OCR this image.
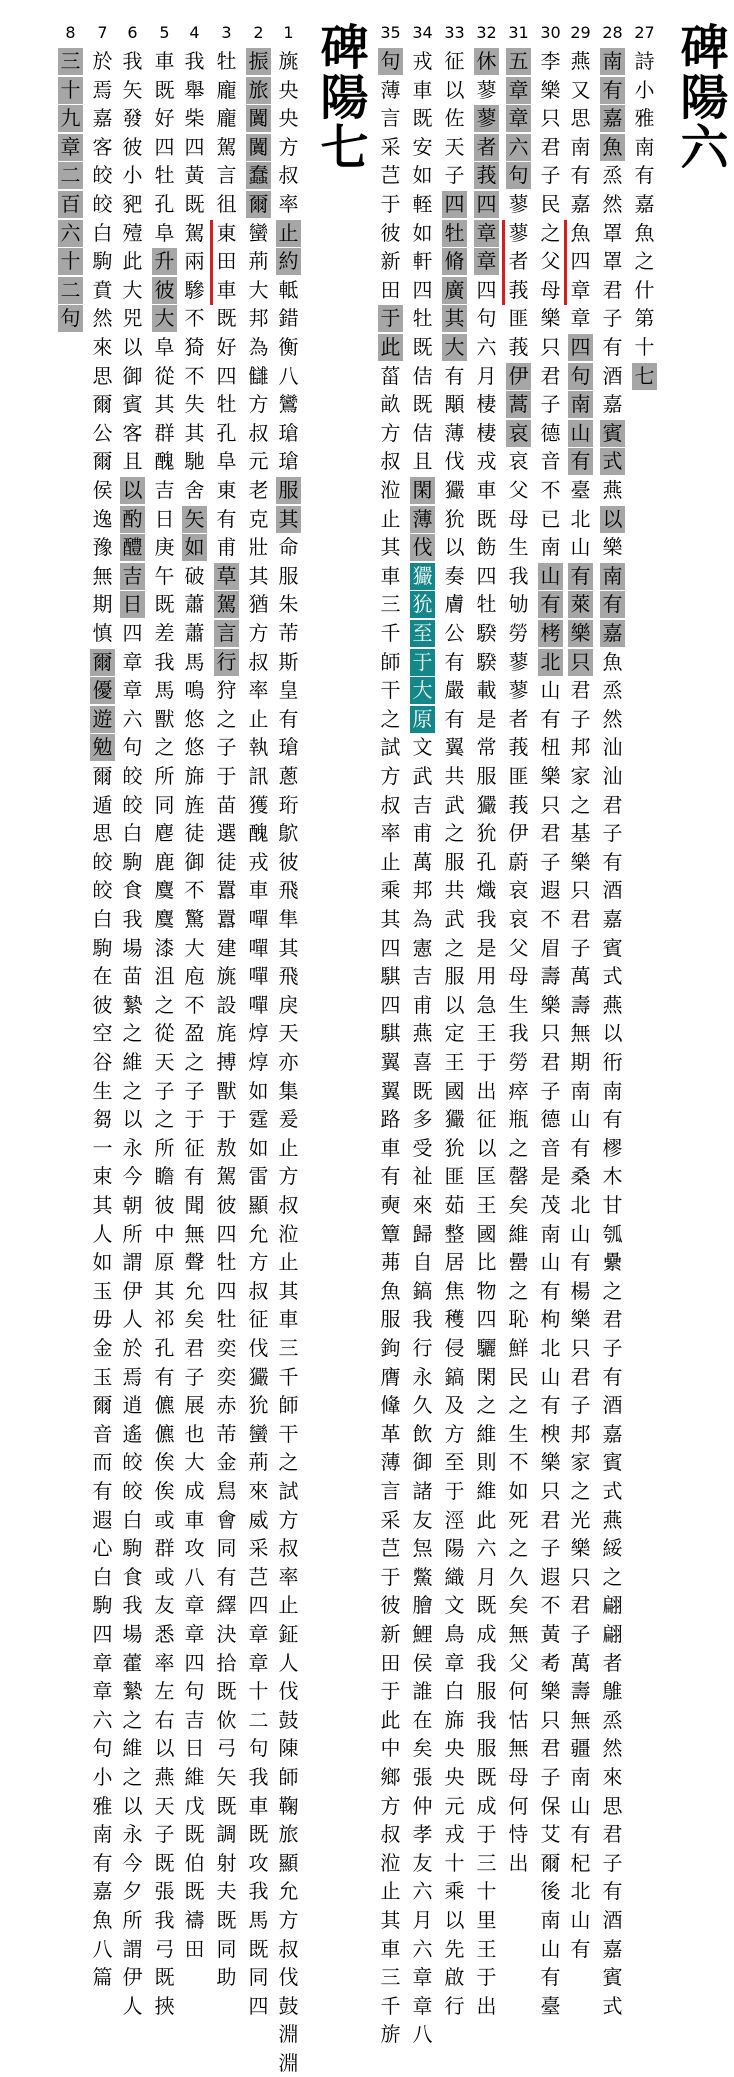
碑陽六
碑陽七	27
詩
小
雅
南
有
嘉
魚
之
什
第
十
七
28
南
有
嘉
魚
烝
然
罩
罩
君
子
有
酒
嘉
賓
式
燕
以
樂
南
有
嘉
魚
烝
然
汕
汕
君
子
有
酒
嘉
賓
式
燕
以
衎
南
有
樛
木
甘
瓠
纍
之
君
子
有
酒
嘉
賓
式
燕
綏
之
翩
翩
者
鵻
烝
然
來
思
君
子
有
酒
嘉
賓
式
29
燕
又
思
南
有
嘉
魚
四
章
章
四
句
南
山
有
臺
北
山
有
萊
樂
只
君
子
邦
家
之
基
樂
只
君
子
萬
壽
無
期
南
山
有
桑
北
山
有
楊
樂
只
君
子
邦
家
之
光
樂
只
君
子
萬
壽
無
疆
南
山
有
杞
北
山
有
30
李
樂
只
君
子
民
之
父
母
樂
只
君
子
德
音
不
已
南
山
有
栲
北
山
有
杻
樂
只
君
子
遐
不
眉
壽
樂
只
君
子
德
音
是
茂
南
山
有
枸
北
山
有
楰
樂
只
君
子
遐
不
黃
耇
樂
只
君
子
保
艾
爾
後
南
山
有
臺
31
五
章
章
六
句
蓼
蓼
者
莪
匪
莪
伊
蒿
哀
哀
父
母
生
我
劬
勞
蓼
蓼
者
莪
匪
莪
伊
蔚
哀
哀
父
母
生
我
勞
瘁
瓶
之
罄
矣
維
罍
之
恥
鮮
民
之
生
不
如
死
之
久
矣
無
父
何
怙
無
母
何
恃
出
32
休
蓼
蓼
者
莪
四
章
章
四
句
六
月
棲
棲
戎
車
既
飭
四
牡
騤
騤
載
是
常
服
玁
狁
孔
熾
我
是
用
急
王
于
出
征
以
匡
王
國
比
物
四
驪
閑
之
維
則
維
此
六
月
既
成
我
服
我
服
既
成
于
三
十
里
王
于
出
33
征
以
佐
天
子
四
牡
脩
廣
其
大
有
顒
薄
伐
玁
狁
以
奏
膚
公
有
嚴
有
翼
共
武
之
服
共
武
之
服
以
定
王
國
玁
狁
匪
茹
整
居
焦
穫
侵
鎬
及
方
至
于
涇
陽
織
文
鳥
章
白
旆
央
央
元
戎
十
乘
以
先
啟
行
34
戎
車
既
安
如
輊
如
軒
四
牡
既
佶
既
佶
且
閑
薄
伐
玁
狁
至
于
大
原
文
武
吉
甫
萬
邦
為
憲
吉
甫
燕
喜
既
多
受
祉
來
歸
自
鎬
我
行
永
久
飲
御
諸
友
炰
鱉
膾
鯉
侯
誰
在
矣
張
仲
孝
友
六
月
六
章
章
八
35
句
薄
言
采
芑
于
彼
新
田
于
此
菑
畝
方
叔
涖
止
其
車
三
千
師
干
之
試
方
叔
率
止
乘
其
四
騏
四
騏
翼
翼
路
車
有
奭
簟
茀
魚
服
鉤
膺
鞗
革
薄
言
采
芑
于
彼
新
田
于
此
中
鄉
方
叔
涖
止
其
車
三
千
旂
1
旐
央
央
方
叔
率
止
約
軧
錯
衡
八
鸞
瑲
瑲
服
其
命
服
朱
芾
斯
皇
有
瑲
蔥
珩
鴥
彼
飛
隼
其
飛
戾
天
亦
集
爰
止
方
叔
涖
止
其
車
三
千
師
干
之
試
方
叔
率
止
鉦
人
伐
鼓
陳
師
鞠
旅
顯
允
方
叔
伐
鼓
淵
淵
2
振
旅
闐
闐
蠢
爾
蠻
荊
大
邦
為
讎
方
叔
元
老
克
壯
其
猶
方
叔
率
止
執
訊
獲
醜
戎
車
嘽
嘽
嘽
嘽
焞
焞
如
霆
如
雷
顯
允
方
叔
征
伐
玁
狁
蠻
荊
來
威
采
芑
四
章
章
十
二
句
我
車
既
攻
我
馬
既
同
四
3
牡
龐
龐
駕
言
徂
東
田
車
既
好
四
牡
孔
阜
東
有
甫
草
駕
言
行
狩
之
子
于
苗
選
徒
囂
囂
建
旐
設
旄
搏
獸
于
敖
駕
彼
四
牡
四
牡
奕
奕
赤
芾
金
舃
會
同
有
繹
決
拾
既
佽
弓
矢
既
調
射
夫
既
同
助
4
我
舉
柴
四
黃
既
駕
兩
驂
不
猗
不
失
其
馳
舍
矢
如
破
蕭
蕭
馬
鳴
悠
悠
旆
旌
徒
御
不
驚
大
庖
不
盈
之
子
于
征
有
聞
無
聲
允
矣
君
子
展
也
大
成
車
攻
八
章
章
四
句
吉
日
維
戊
既
伯
既
禱
田
5
車
既
好
四
牡
孔
阜
升
彼
大
阜
從
其
群
醜
吉
日
庚
午
既
差
我
馬
獸
之
所
同
麀
鹿
麌
麌
漆
沮
之
從
天
子
之
所
瞻
彼
中
原
其
祁
孔
有
儦
儦
俟
俟
或
群
或
友
悉
率
左
右
以
燕
天
子
既
張
我
弓
既
挾
6
我
矢
發
彼
小
豝
殪
此
大
兕
以
御
賓
客
且
以
酌
醴
吉
日
四
章
章
六
句
皎
皎
白
駒
食
我
場
苗
縶
之
維
之
以
永
今
朝
所
謂
伊
人
於
焉
逍
遙
皎
皎
白
駒
食
我
場
藿
縶
之
維
之
以
永
今
夕
所
謂
伊
人
7
於
焉
嘉
客
皎
皎
白
駒
賁
然
來
思
爾
公
爾
侯
逸
豫
無
期
慎
爾
優
遊
勉
爾
遁
思
皎
皎
白
駒
在
彼
空
谷
生
芻
一
束
其
人
如
玉
毋
金
玉
爾
音
而
有
遐
心
白
駒
四
章
章
六
句
小
雅
南
有
嘉
魚
八
篇
8
三
十
九
章
二
百
六
十
二
句
